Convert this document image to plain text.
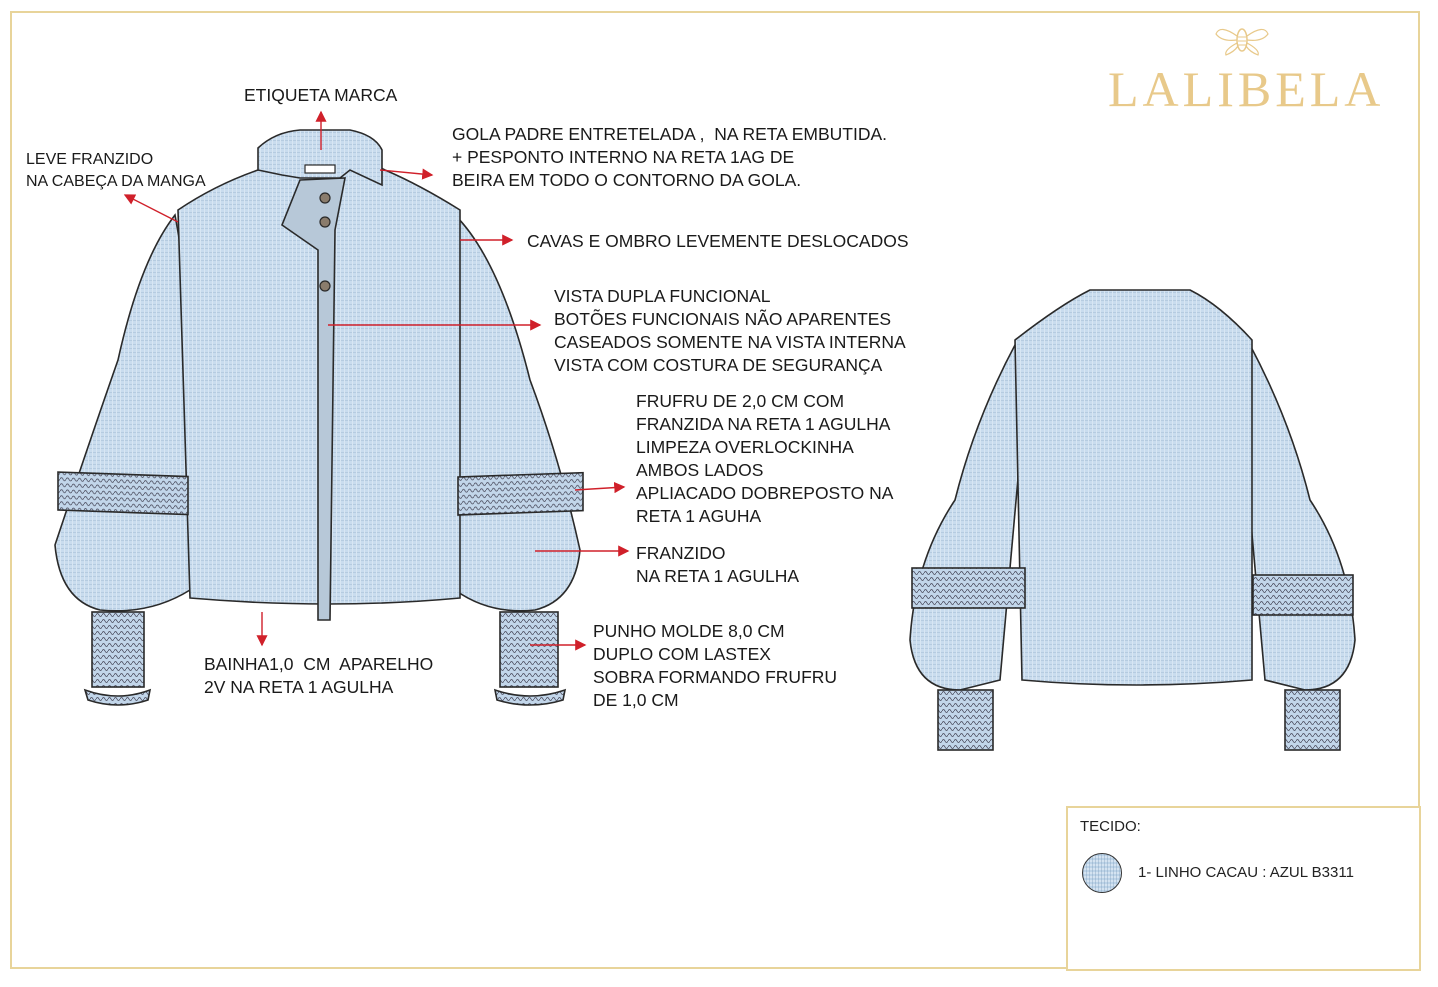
LALIBELA
ETIQUETA MARCA
LEVE FRANZIDO
NA CABEÇA DA MANGA
GOLA PADRE ENTRETELADA ,  NA RETA EMBUTIDA.
+ PESPONTO INTERNO NA RETA 1AG DE
BEIRA EM TODO O CONTORNO DA GOLA.
CAVAS E OMBRO LEVEMENTE DESLOCADOS
VISTA DUPLA FUNCIONAL
BOTÕES FUNCIONAIS NÃO APARENTES
CASEADOS SOMENTE NA VISTA INTERNA
VISTA COM COSTURA DE SEGURANÇA
FRUFRU DE 2,0 CM COM
FRANZIDA NA RETA 1 AGULHA
LIMPEZA OVERLOCKINHA
AMBOS LADOS
APLIACADO DOBREPOSTO NA
RETA 1 AGUHA
FRANZIDO
NA RETA 1 AGULHA
BAINHA1,0  CM  APARELHO
2V NA RETA 1 AGULHA
PUNHO MOLDE 8,0 CM
DUPLO COM LASTEX
SOBRA FORMANDO FRUFRU
DE 1,0 CM
TECIDO:
1- LINHO CACAU : AZUL B3311
